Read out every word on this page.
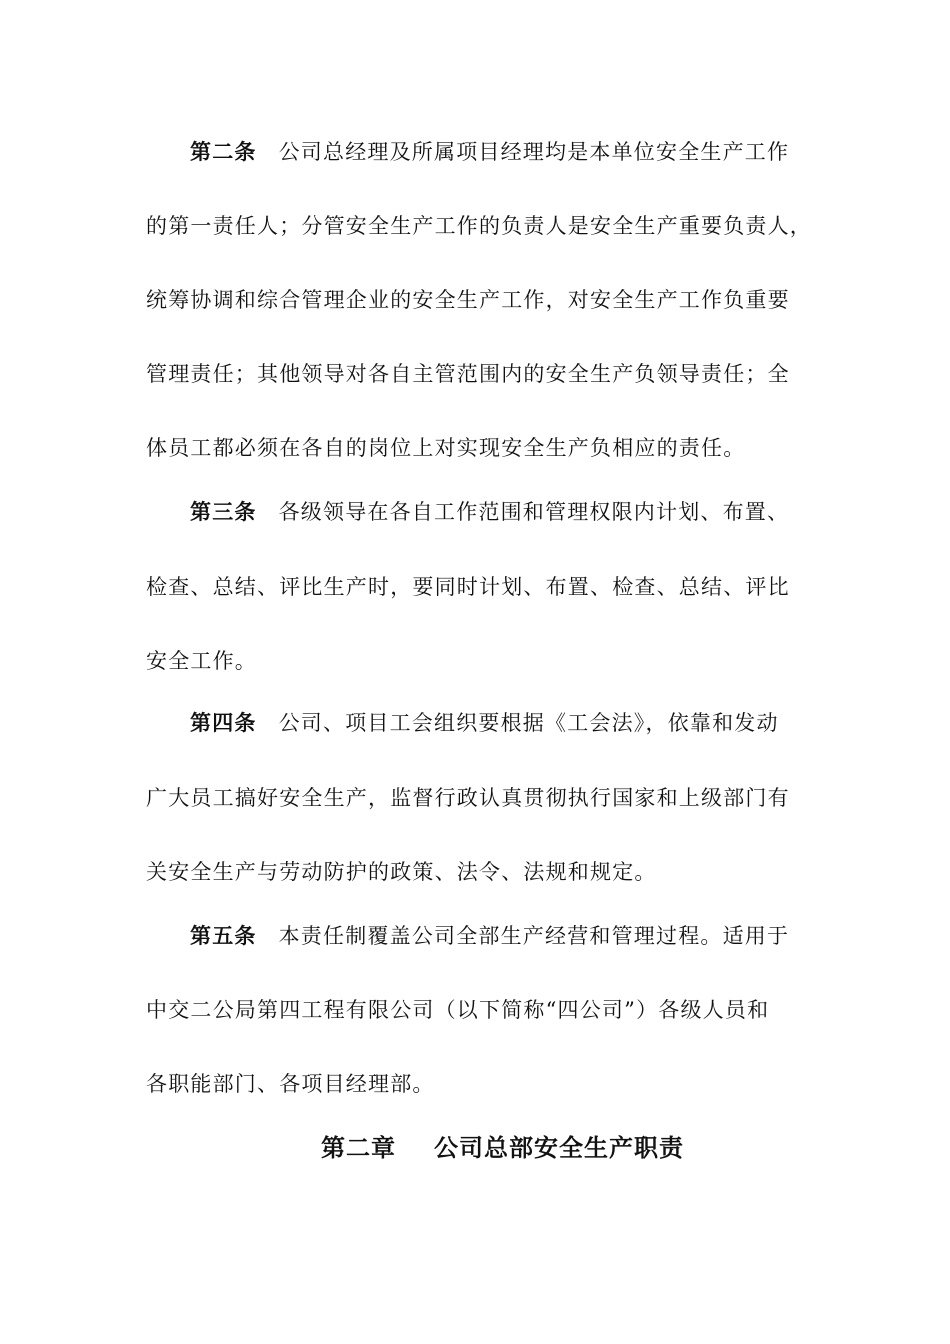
第二条 公司总经理及所属项目经理均是本单位安全生产工作
的第一责任人；分管安全生产工作的负责人是安全生产重要负责人，
统筹协调和综合管理企业的安全生产工作，对安全生产工作负重要
管理责任；其他领导对各自主管范围内的安全生产负领导责任；全
体员工都必须在各自的岗位上对实现安全生产负相应的责任。
第三条 各级领导在各自工作范围和管理权限内计划、布置、
检查、总结、评比生产时，要同时计划、布置、检查、总结、评比
安全工作。
第四条 公司、项目工会组织要根据《工会法》，依靠和发动
广大员工搞好安全生产，监督行政认真贯彻执行国家和上级部门有
关安全生产与劳动防护的政策、法令、法规和规定。
第五条 本责任制覆盖公司全部生产经营和管理过程。适用于
中交二公局第四工程有限公司（以下简称“四公司”）各级人员和
各职能部门、各项目经理部。
第二章 公司总部安全生产职责
